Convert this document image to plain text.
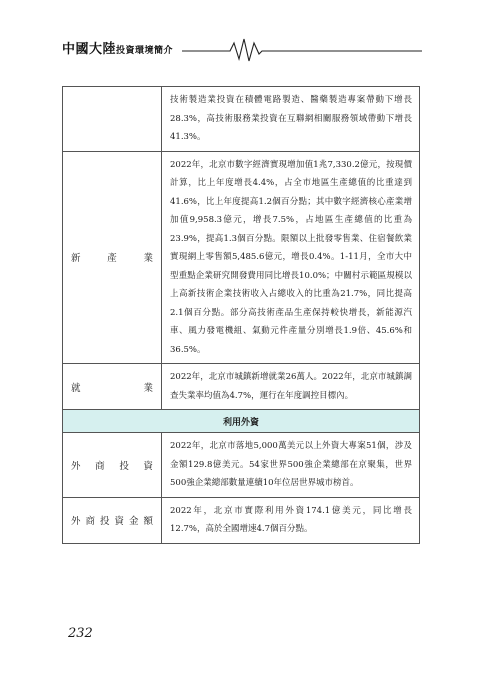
中國大陸投資環境簡介
	技術製造業投資在積體電路製造、醫藥製造專案帶動下增長28.3%，高技術服務業投資在互聯網相關服務領域帶動下增長41.3%。
新產業	2022年，北京市數字經濟實現增加值1兆7,330.2億元，按現價計算，比上年度增長4.4%，占全市地區生產總值的比重達到41.6%，比上年度提高1.2個百分點；其中數字經濟核心產業增加值9,958.3億元，增長7.5%，占地區生產總值的比重為23.9%，提高1.3個百分點。限額以上批發零售業、住宿餐飲業實現網上零售額5,485.6億元，增長0.4%。1-11月，全市大中型重點企業研究開發費用同比增長10.0%；中關村示範區規模以上高新技術企業技術收入占總收入的比重為21.7%，同比提高2.1個百分點。部分高技術產品生產保持較快增長，新能源汽車、風力發電機組、氣動元件產量分別增長1.9倍、45.6%和36.5%。
就業	2022年，北京市城鎮新增就業26萬人。2022年，北京市城鎮調查失業率均值為4.7%，運行在年度調控目標內。
利用外資	
外商投資	2022年，北京市落地5,000萬美元以上外資大專案51個，涉及金額129.8億美元。54家世界500強企業總部在京聚集，世界500強企業總部數量連續10年位居世界城市榜首。
外商投資金額	2022年，北京市實際利用外資174.1億美元，同比增長12.7%，高於全國增速4.7個百分點。
232
